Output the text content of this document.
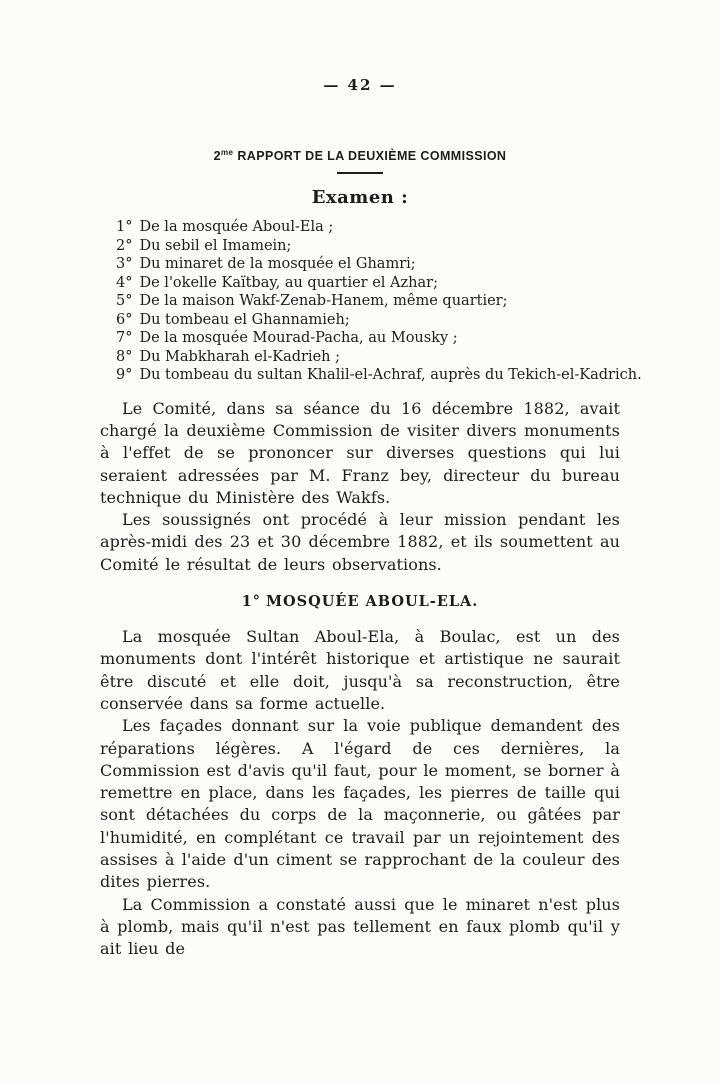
— 42 —
$2^{me}$ RAPPORT DE LA DEUXIÈME COMMISSION
Examen :
1° De la mosquée Aboul-Ela ;
2° Du sebil el Imamein;
3° Du minaret de la mosquée el Ghamri;
4° De l'okelle Kaïtbay, au quartier el Azhar;
5° De la maison Wakf-Zenab-Hanem, même quartier;
6° Du tombeau el Ghannamieh;
7° De la mosquée Mourad-Pacha, au Mousky ;
8° Du Mabkharah el-Kadrieh ;
9° Du tombeau du sultan Khalil-el-Achraf, auprès du Tekich-el-Kadrich.

Le Comité, dans sa séance du 16 décembre 1882, avait chargé la deuxième Commission de visiter divers monuments à l'effet de se prononcer sur diverses questions qui lui seraient adressées par M. Franz bey, directeur du bureau technique du Ministère des Wakfs.

Les soussignés ont procédé à leur mission pendant les après-midi des 23 et 30 décembre 1882, et ils soumettent au Comité le résultat de leurs observations.

1° MOSQUÉE ABOUL-ELA.

La mosquée Sultan Aboul-Ela, à Boulac, est un des monuments dont l'intérêt historique et artistique ne saurait être discuté et elle doit, jusqu'à sa reconstruction, être conservée dans sa forme actuelle.

Les façades donnant sur la voie publique demandent des réparations légères. A l'égard de ces dernières, la Commission est d'avis qu'il faut, pour le moment, se borner à remettre en place, dans les façades, les pierres de taille qui sont détachées du corps de la maçonnerie, ou gâtées par l'humidité, en complétant ce travail par un rejointement des assises à l'aide d'un ciment se rapprochant de la couleur des dites pierres.

La Commission a constaté aussi que le minaret n'est plus à plomb, mais qu'il n'est pas tellement en faux plomb qu'il y ait lieu de
